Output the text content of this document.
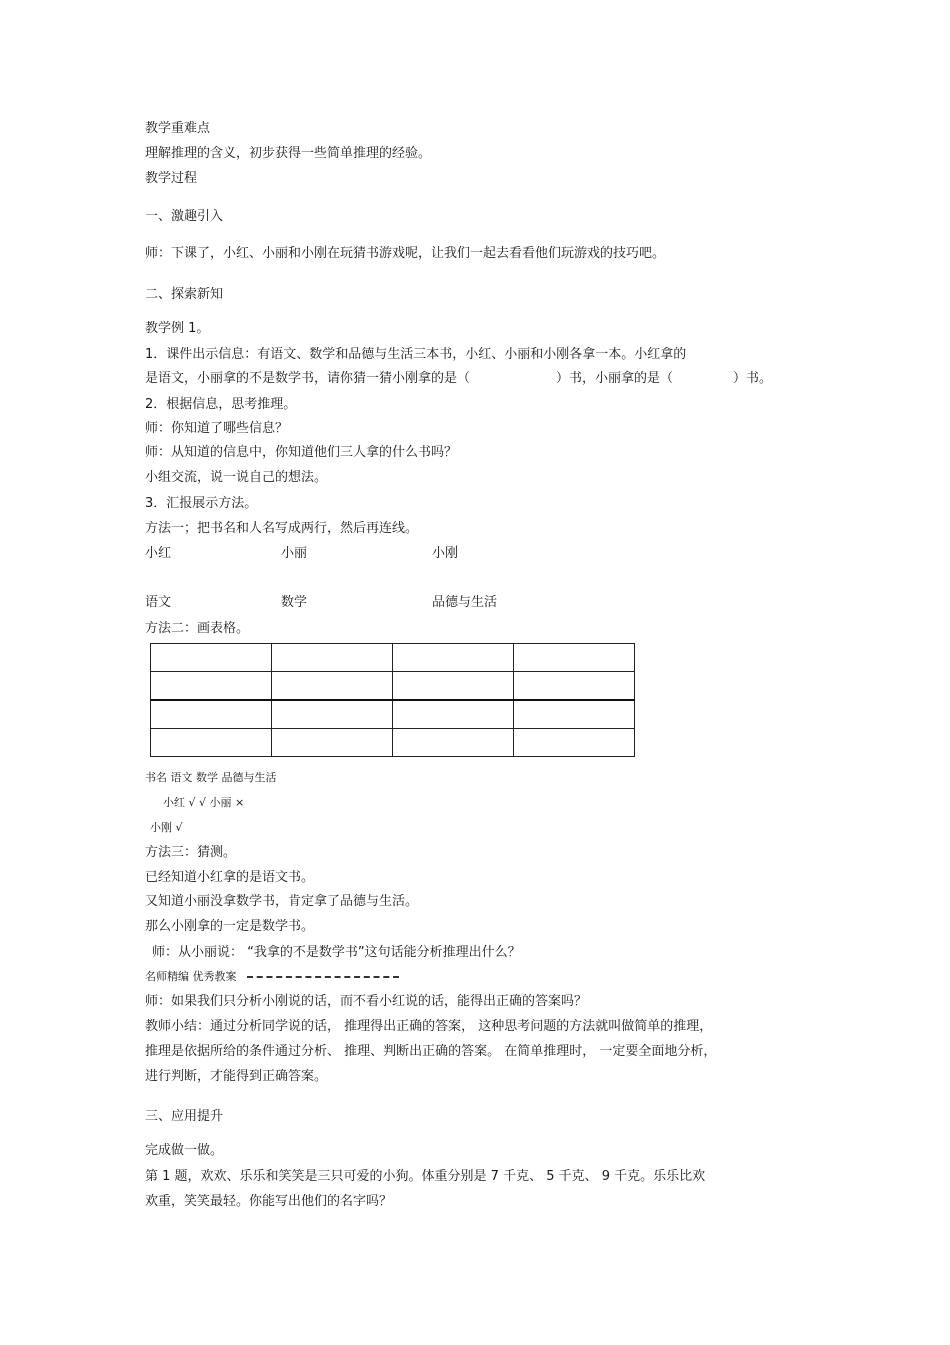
教学重难点
理解推理的含义，初步获得一些简单推理的经验。
教学过程
一、激趣引入
师：下课了，小红、小丽和小刚在玩猜书游戏呢，让我们一起去看看他们玩游戏的技巧吧。
二、探索新知
教学例 1。
1．课件出示信息：有语文、数学和品德与生活三本书，小红、小丽和小刚各拿一本。小红拿的
是语文，小丽拿的不是数学书，请你猜一猜小刚拿的是（	）书，小丽拿的是（	）书。
2．根据信息，思考推理。
师：你知道了哪些信息？
师：从知道的信息中，你知道他们三人拿的什么书吗？
小组交流，说一说自己的想法。
3．汇报展示方法。
方法一；把书名和人名写成两行，然后再连线。
小红	小丽	小刚
语文	数学	品德与生活
方法二：画表格。

书名 语文 数学 品德与生活
小红 √ √ 小丽 ×
小刚 √
方法三：猜测。
已经知道小红拿的是语文书。
又知道小丽没拿数学书，肯定拿了品德与生活。
那么小刚拿的一定是数学书。
师：从小丽说： “我拿的不是数学书”这句话能分析推理出什么？
名师精编 优秀教案
师：如果我们只分析小刚说的话，而不看小红说的话，能得出正确的答案吗？
教师小结：通过分析同学说的话， 推理得出正确的答案， 这种思考问题的方法就叫做简单的推理，
推理是依据所给的条件通过分析、 推理、判断出正确的答案。 在简单推理时， 一定要全面地分析，
进行判断，才能得到正确答案。
三、应用提升
完成做一做。
第 1 题，欢欢、乐乐和笑笑是三只可爱的小狗。体重分别是 7 千克、 5 千克、 9 千克。乐乐比欢
欢重，笑笑最轻。你能写出他们的名字吗？
